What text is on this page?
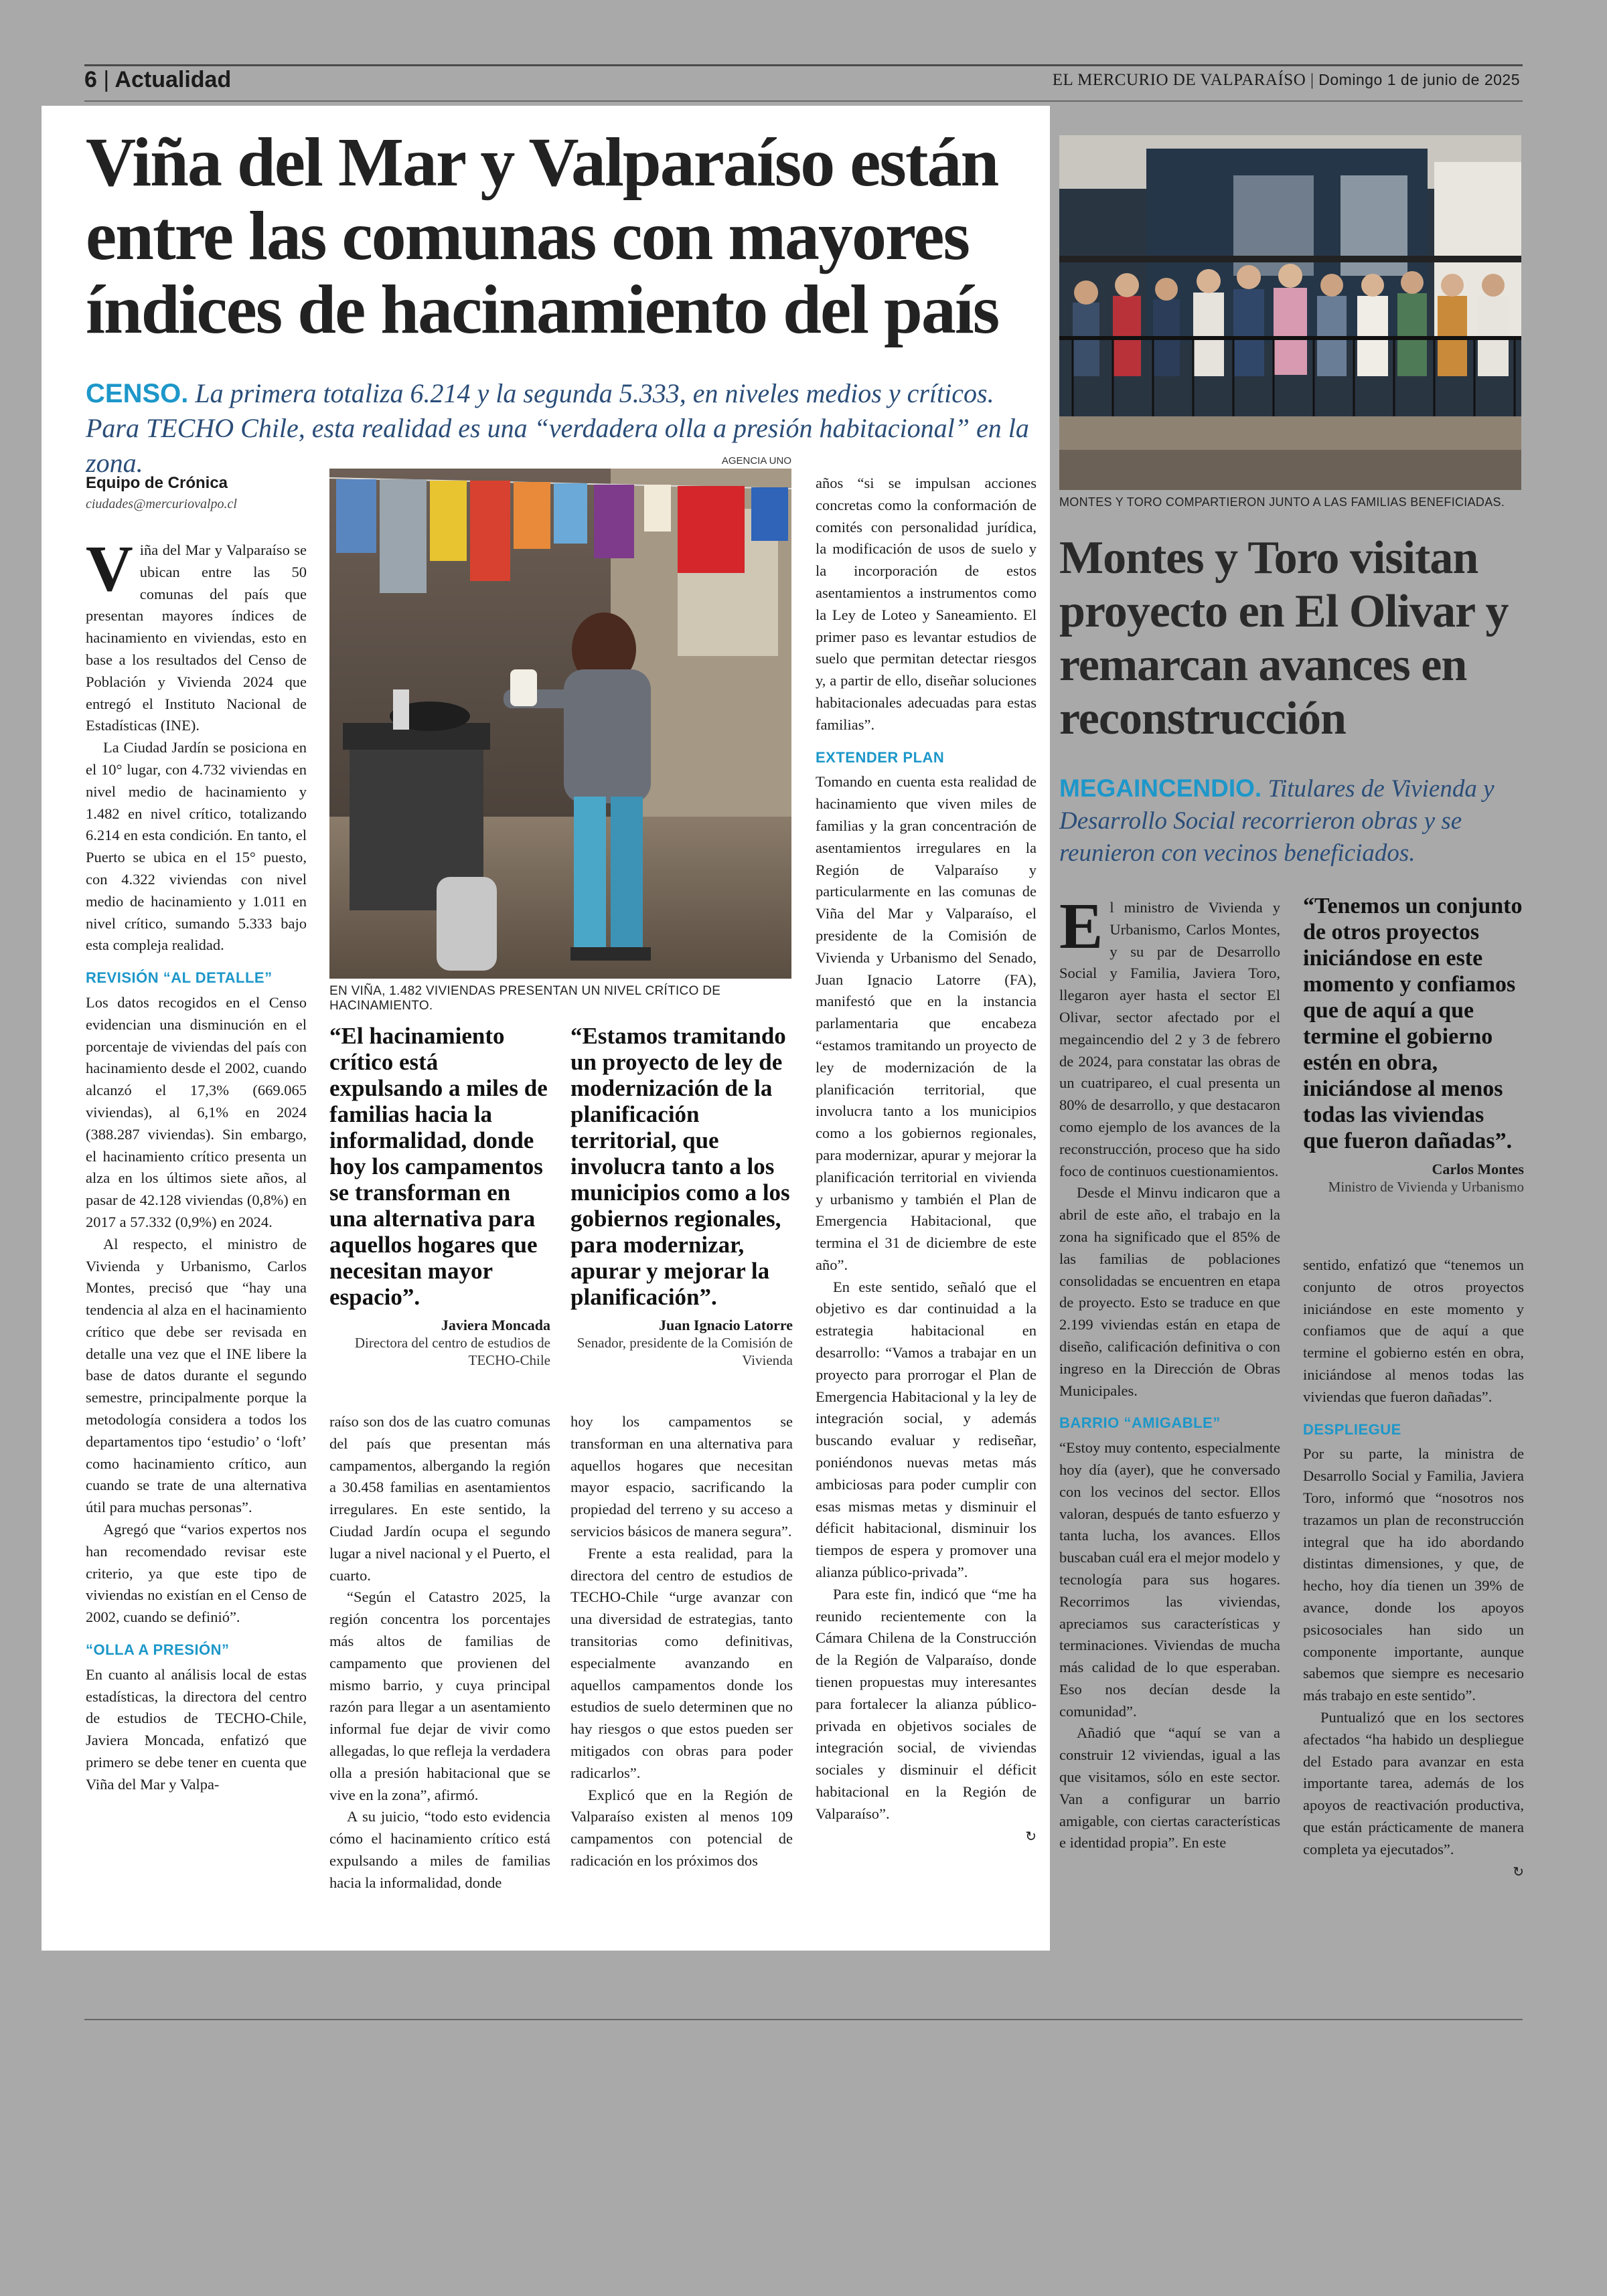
6 | Actualidad	EL MERCURIO DE VALPARAÍSO | Domingo 1 de junio de 2025
Viña del Mar y Valparaíso están entre las comunas con mayores índices de hacinamiento del país
CENSO. La primera totaliza 6.214 y la segunda 5.333, en niveles medios y críticos. Para TECHO Chile, esta realidad es una “verdadera olla a presión habitacional” en la zona.
Equipo de Crónica
ciudades@mercuriovalpo.cl
AGENCIA UNO
EN VIÑA, 1.482 VIVIENDAS PRESENTAN UN NIVEL CRÍTICO DE HACINAMIENTO.

Viña del Mar y Valparaíso se ubican entre las 50 comunas del país que presentan mayores índices de hacinamiento en viviendas, esto en base a los resultados del Censo de Población y Vivienda 2024 que entregó el Instituto Nacional de Estadísticas (INE).

La Ciudad Jardín se posiciona en el 10° lugar, con 4.732 viviendas en nivel medio de hacinamiento y 1.482 en nivel crítico, totalizando 6.214 en esta condición. En tanto, el Puerto se ubica en el 15° puesto, con 4.322 viviendas con nivel medio de hacinamiento y 1.011 en nivel crítico, sumando 5.333 bajo esta compleja realidad.

REVISIÓN “AL DETALLE”

Los datos recogidos en el Censo evidencian una disminución en el porcentaje de viviendas del país con hacinamiento desde el 2002, cuando alcanzó el 17,3% (669.065 viviendas), al 6,1% en 2024 (388.287 viviendas). Sin embargo, el hacinamiento crítico presenta un alza en los últimos siete años, al pasar de 42.128 viviendas (0,8%) en 2017 a 57.332 (0,9%) en 2024.

Al respecto, el ministro de Vivienda y Urbanismo, Carlos Montes, precisó que “hay una tendencia al alza en el hacinamiento crítico que debe ser revisada en detalle una vez que el INE libere la base de datos durante el segundo semestre, principalmente porque la metodología considera a todos los departamentos tipo ‘estudio’ o ‘loft’ como hacinamiento crítico, aun cuando se trate de una alternativa útil para muchas personas”.

Agregó que “varios expertos nos han recomendado revisar este criterio, ya que este tipo de viviendas no existían en el Censo de 2002, cuando se definió”.

“OLLA A PRESIÓN”

En cuanto al análisis local de estas estadísticas, la directora del centro de estudios de TECHO-Chile, Javiera Moncada, enfatizó que primero se debe tener en cuenta que Viña del Mar y Valpa-

“El hacinamiento crítico está expulsando a miles de familias hacia la informalidad, donde hoy los campamentos se transforman en una alternativa para aquellos hogares que necesitan mayor espacio”.
Javiera Moncada
Directora del centro de estudios de TECHO-Chile
“Estamos tramitando un proyecto de ley de modernización de la planificación territorial, que involucra tanto a los municipios como a los gobiernos regionales, para modernizar, apurar y mejorar la planificación”.
Juan Ignacio Latorre
Senador, presidente de la Comisión de Vivienda

raíso son dos de las cuatro comunas del país que presentan más campamentos, albergando la región a 30.458 familias en asentamientos irregulares. En este sentido, la Ciudad Jardín ocupa el segundo lugar a nivel nacional y el Puerto, el cuarto.

“Según el Catastro 2025, la región concentra los porcentajes más altos de familias de campamento que provienen del mismo barrio, y cuya principal razón para llegar a un asentamiento informal fue dejar de vivir como allegadas, lo que refleja la verdadera olla a presión habitacional que se vive en la zona”, afirmó.

A su juicio, “todo esto evidencia cómo el hacinamiento crítico está expulsando a miles de familias hacia la informalidad, donde

hoy los campamentos se transforman en una alternativa para aquellos hogares que necesitan mayor espacio, sacrificando la propiedad del terreno y su acceso a servicios básicos de manera segura”.

Frente a esta realidad, para la directora del centro de estudios de TECHO-Chile “urge avanzar con una diversidad de estrategias, tanto transitorias como definitivas, especialmente avanzando en aquellos campamentos donde los estudios de suelo determinen que no hay riesgos o que estos pueden ser mitigados con obras para poder radicarlos”.

Explicó que en la Región de Valparaíso existen al menos 109 campamentos con potencial de radicación en los próximos dos

años “si se impulsan acciones concretas como la conformación de comités con personalidad jurídica, la modificación de usos de suelo y la incorporación de estos asentamientos a instrumentos como la Ley de Loteo y Saneamiento. El primer paso es levantar estudios de suelo que permitan detectar riesgos y, a partir de ello, diseñar soluciones habitacionales adecuadas para estas familias”.

EXTENDER PLAN

Tomando en cuenta esta realidad de hacinamiento que viven miles de familias y la gran concentración de asentamientos irregulares en la Región de Valparaíso y particularmente en las comunas de Viña del Mar y Valparaíso, el presidente de la Comisión de Vivienda y Urbanismo del Senado, Juan Ignacio Latorre (FA), manifestó que en la instancia parlamentaria que encabeza “estamos tramitando un proyecto de ley de modernización de la planificación territorial, que involucra tanto a los municipios como a los gobiernos regionales, para modernizar, apurar y mejorar la planificación territorial en vivienda y urbanismo y también el Plan de Emergencia Habitacional, que termina el 31 de diciembre de este año”.

En este sentido, señaló que el objetivo es dar continuidad a la estrategia habitacional en desarrollo: “Vamos a trabajar en un proyecto para prorrogar el Plan de Emergencia Habitacional y la ley de integración social, y además buscando evaluar y rediseñar, poniéndonos nuevas metas más ambiciosas para poder cumplir con esas mismas metas y disminuir el déficit habitacional, disminuir los tiempos de espera y promover una alianza público-privada”.

Para este fin, indicó que “me ha reunido recientemente con la Cámara Chilena de la Construcción de la Región de Valparaíso, donde tienen propuestas muy interesantes para fortalecer la alianza público-privada en objetivos sociales de integración social, de viviendas sociales y disminuir el déficit habitacional en la Región de Valparaíso”.

↻
MONTES Y TORO COMPARTIERON JUNTO A LAS FAMILIAS BENEFICIADAS.
Montes y Toro visitan proyecto en El Olivar y remarcan avances en reconstrucción
MEGAINCENDIO. Titulares de Vivienda y Desarrollo Social recorrieron obras y se reunieron con vecinos beneficiados.

El ministro de Vivienda y Urbanismo, Carlos Montes, y su par de Desarrollo Social y Familia, Javiera Toro, llegaron ayer hasta el sector El Olivar, sector afectado por el megaincendio del 2 y 3 de febrero de 2024, para constatar las obras de un cuatripareo, el cual presenta un 80% de desarrollo, y que destacaron como ejemplo de los avances de la reconstrucción, proceso que ha sido foco de continuos cuestionamientos.

Desde el Minvu indicaron que a abril de este año, el trabajo en la zona ha significado que el 85% de las familias de poblaciones consolidadas se encuentren en etapa de proyecto. Esto se traduce en que 2.199 viviendas están en etapa de diseño, calificación definitiva o con ingreso en la Dirección de Obras Municipales.

BARRIO “AMIGABLE”

“Estoy muy contento, especialmente hoy día (ayer), que he conversado con los vecinos del sector. Ellos valoran, después de tanto esfuerzo y tanta lucha, los avances. Ellos buscaban cuál era el mejor modelo y tecnología para sus hogares. Recorrimos las viviendas, apreciamos sus características y terminaciones. Viviendas de mucha más calidad de lo que esperaban. Eso nos decían desde la comunidad”.

Añadió que “aquí se van a construir 12 viviendas, igual a las que visitamos, sólo en este sector. Van a configurar un barrio amigable, con ciertas características e identidad propia”. En este

“Tenemos un conjunto de otros proyectos iniciándose en este momento y confiamos que de aquí a que termine el gobierno estén en obra, iniciándose al menos todas las viviendas que fueron dañadas”.
Carlos Montes
Ministro de Vivienda y Urbanismo

sentido, enfatizó que “tenemos un conjunto de otros proyectos iniciándose en este momento y confiamos que de aquí a que termine el gobierno estén en obra, iniciándose al menos todas las viviendas que fueron dañadas”.

DESPLIEGUE

Por su parte, la ministra de Desarrollo Social y Familia, Javiera Toro, informó que “nosotros nos trazamos un plan de reconstrucción integral que ha ido abordando distintas dimensiones, y que, de hecho, hoy día tienen un 39% de avance, donde los apoyos psicosociales han sido un componente importante, aunque sabemos que siempre es necesario más trabajo en este sentido”.

Puntualizó que en los sectores afectados “ha habido un despliegue del Estado para avanzar en esta importante tarea, además de los apoyos de reactivación productiva, que están prácticamente de manera completa ya ejecutados”.

↻
